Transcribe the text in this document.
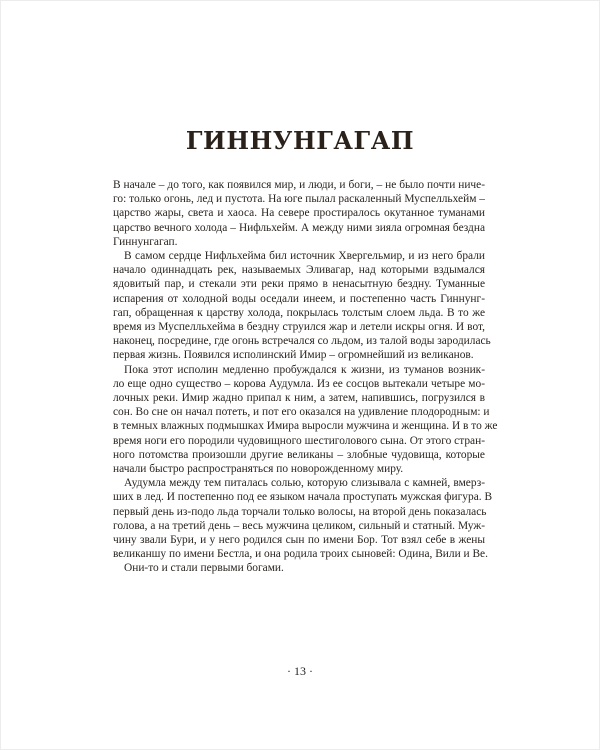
ГИННУНГАГАП

В начале – до того, как появился мир, и люди, и боги, – не было почти ниче-
го: только огонь, лед и пустота. На юге пылал раскаленный Муспелльхейм –
царство жары, света и хаоса. На севере простиралось окутанное туманами
царство вечного холода – Нифльхейм. А между ними зияла огромная бездна
Гиннунгагап.

В самом сердце Нифльхейма бил источник Хвергельмир, и из него брали
начало одиннадцать рек, называемых Эливагар, над которыми вздымался
ядовитый пар, и стекали эти реки прямо в ненасытную бездну. Туманные
испарения от холодной воды оседали инеем, и постепенно часть Гиннунг-
гап, обращенная к царству холода, покрылась толстым слоем льда. В то же
время из Муспелльхейма в бездну струился жар и летели искры огня. И вот,
наконец, посредине, где огонь встречался со льдом, из талой воды зародилась
первая жизнь. Появился исполинский Имир – огромнейший из великанов.

Пока этот исполин медленно пробуждался к жизни, из туманов возник-
ло еще одно существо – корова Аудумла. Из ее сосцов вытекали четыре мо-
лочных реки. Имир жадно припал к ним, а затем, напившись, погрузился в
сон. Во сне он начал потеть, и пот его оказался на удивление плодородным: и
в темных влажных подмышках Имира выросли мужчина и женщина. И в то же
время ноги его породили чудовищного шестиголового сына. От этого стран-
ного потомства произошли другие великаны – злобные чудовища, которые
начали быстро распространяться по новорожденному миру.

Аудумла между тем питалась солью, которую слизывала с камней, вмерз-
ших в лед. И постепенно под ее языком начала проступать мужская фигура. В
первый день из-подо льда торчали только волосы, на второй день показалась
голова, а на третий день – весь мужчина целиком, сильный и статный. Муж-
чину звали Бури, и у него родился сын по имени Бор. Тот взял себе в жены
великаншу по имени Бестла, и она родила троих сыновей: Одина, Вили и Ве.

Они-то и стали первыми богами.

· 13 ·
